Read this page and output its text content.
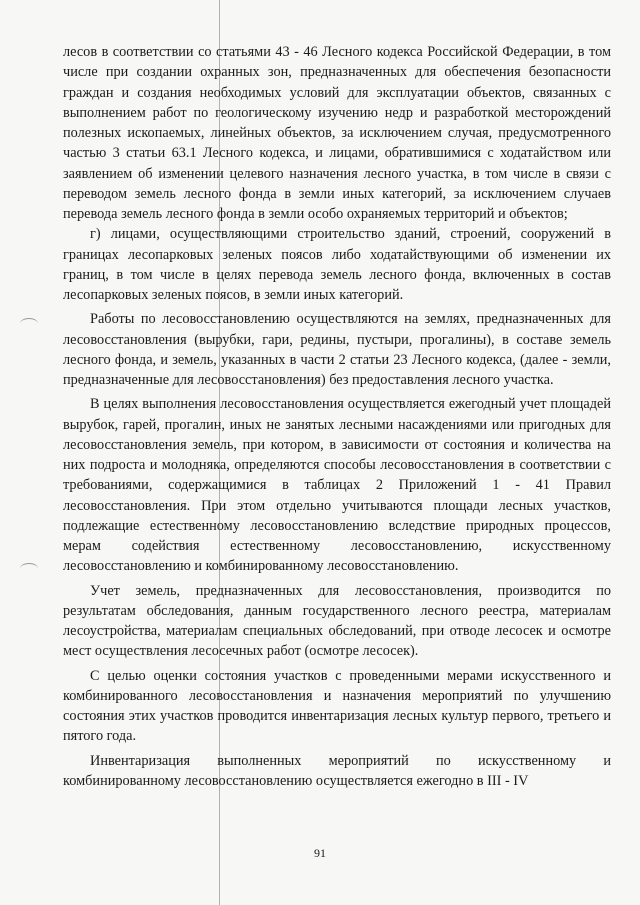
лесов в соответствии со статьями 43 - 46 Лесного кодекса Российской Федерации, в том числе при создании охранных зон, предназначенных для обеспечения безопасности граждан и создания необходимых условий для эксплуатации объектов, связанных с выполнением работ по геологическому изучению недр и разработкой месторождений полезных ископаемых, линейных объектов, за исключением случая, предусмотренного частью 3 статьи 63.1 Лесного кодекса, и лицами, обратившимися с ходатайством или заявлением об изменении целевого назначения лесного участка, в том числе в связи с переводом земель лесного фонда в земли иных категорий, за исключением случаев перевода земель лесного фонда в земли особо охраняемых территорий и объектов;

г) лицами, осуществляющими строительство зданий, строений, сооружений в границах лесопарковых зеленых поясов либо ходатайствующими об изменении их границ, в том числе в целях перевода земель лесного фонда, включенных в состав лесопарковых зеленых поясов, в земли иных категорий.

Работы по лесовосстановлению осуществляются на землях, предназначенных для лесовосстановления (вырубки, гари, редины, пустыри, прогалины), в составе земель лесного фонда, и земель, указанных в части 2 статьи 23 Лесного кодекса, (далее - земли, предназначенные для лесовосстановления) без предоставления лесного участка.

В целях выполнения лесовосстановления осуществляется ежегодный учет площадей вырубок, гарей, прогалин, иных не занятых лесными насаждениями или пригодных для лесовосстановления земель, при котором, в зависимости от состояния и количества на них подроста и молодняка, определяются способы лесовосстановления в соответствии с требованиями, содержащимися в таблицах 2 Приложений 1 - 41 Правил лесовосстановления. При этом отдельно учитываются площади лесных участков, подлежащие естественному лесовосстановлению вследствие природных процессов, мерам содействия естественному лесовосстановлению, искусственному лесовосстановлению и комбинированному лесовосстановлению.

Учет земель, предназначенных для лесовосстановления, производится по результатам обследования, данным государственного лесного реестра, материалам лесоустройства, материалам специальных обследований, при отводе лесосек и осмотре мест осуществления лесосечных работ (осмотре лесосек).

С целью оценки состояния участков с проведенными мерами искусственного и комбинированного лесовосстановления и назначения мероприятий по улучшению состояния этих участков проводится инвентаризация лесных культур первого, третьего и пятого года.

Инвентаризация выполненных мероприятий по искусственному и комбинированному лесовосстановлению осуществляется ежегодно в III - IV

91
